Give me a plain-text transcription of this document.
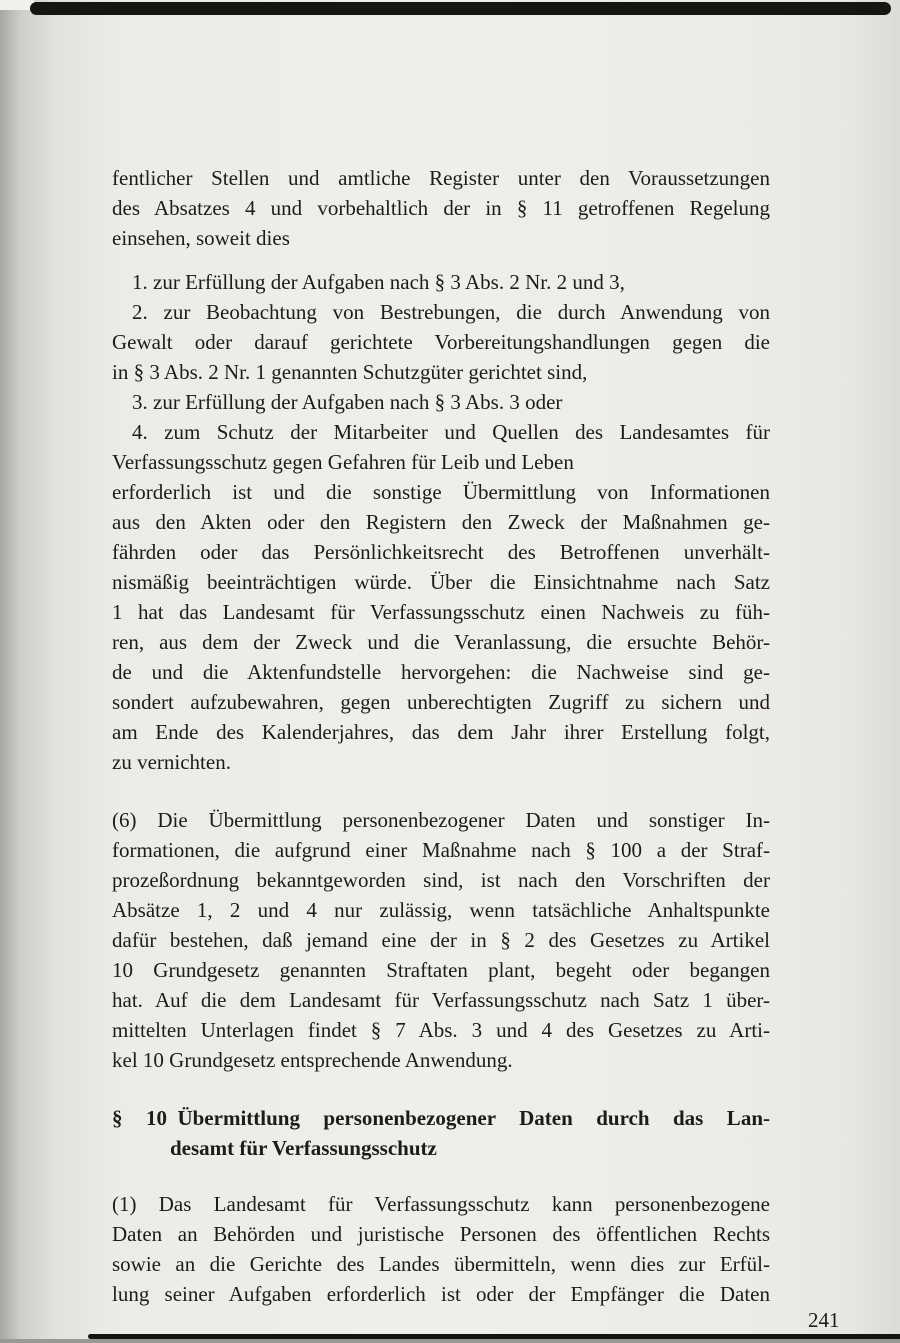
fentlicher Stellen und amtliche Register unter den Voraussetzungen
des Absatzes 4 und vorbehaltlich der in § 11 getroffenen Regelung
einsehen, soweit dies
1. zur Erfüllung der Aufgaben nach § 3 Abs. 2 Nr. 2 und 3,
2. zur Beobachtung von Bestrebungen, die durch Anwendung von
Gewalt oder darauf gerichtete Vorbereitungshandlungen gegen die
in § 3 Abs. 2 Nr. 1 genannten Schutzgüter gerichtet sind,
3. zur Erfüllung der Aufgaben nach § 3 Abs. 3 oder
4. zum Schutz der Mitarbeiter und Quellen des Landesamtes für
Verfassungsschutz gegen Gefahren für Leib und Leben
erforderlich ist und die sonstige Übermittlung von Informationen
aus den Akten oder den Registern den Zweck der Maßnahmen ge-
fährden oder das Persönlichkeitsrecht des Betroffenen unverhält-
nismäßig beeinträchtigen würde. Über die Einsichtnahme nach Satz
1 hat das Landesamt für Verfassungsschutz einen Nachweis zu füh-
ren, aus dem der Zweck und die Veranlassung, die ersuchte Behör-
de und die Aktenfundstelle hervorgehen: die Nachweise sind ge-
sondert aufzubewahren, gegen unberechtigten Zugriff zu sichern und
am Ende des Kalenderjahres, das dem Jahr ihrer Erstellung folgt,
zu vernichten.
(6) Die Übermittlung personenbezogener Daten und sonstiger In-
formationen, die aufgrund einer Maßnahme nach § 100 a der Straf-
prozeßordnung bekanntgeworden sind, ist nach den Vorschriften der
Absätze 1, 2 und 4 nur zulässig, wenn tatsächliche Anhaltspunkte
dafür bestehen, daß jemand eine der in § 2 des Gesetzes zu Artikel
10 Grundgesetz genannten Straftaten plant, begeht oder begangen
hat. Auf die dem Landesamt für Verfassungsschutz nach Satz 1 über-
mittelten Unterlagen findet § 7 Abs. 3 und 4 des Gesetzes zu Arti-
kel 10 Grundgesetz entsprechende Anwendung.
§ 10 Übermittlung personenbezogener Daten durch das Lan-
desamt für Verfassungsschutz
(1) Das Landesamt für Verfassungsschutz kann personenbezogene
Daten an Behörden und juristische Personen des öffentlichen Rechts
sowie an die Gerichte des Landes übermitteln, wenn dies zur Erfül-
lung seiner Aufgaben erforderlich ist oder der Empfänger die Daten
241
